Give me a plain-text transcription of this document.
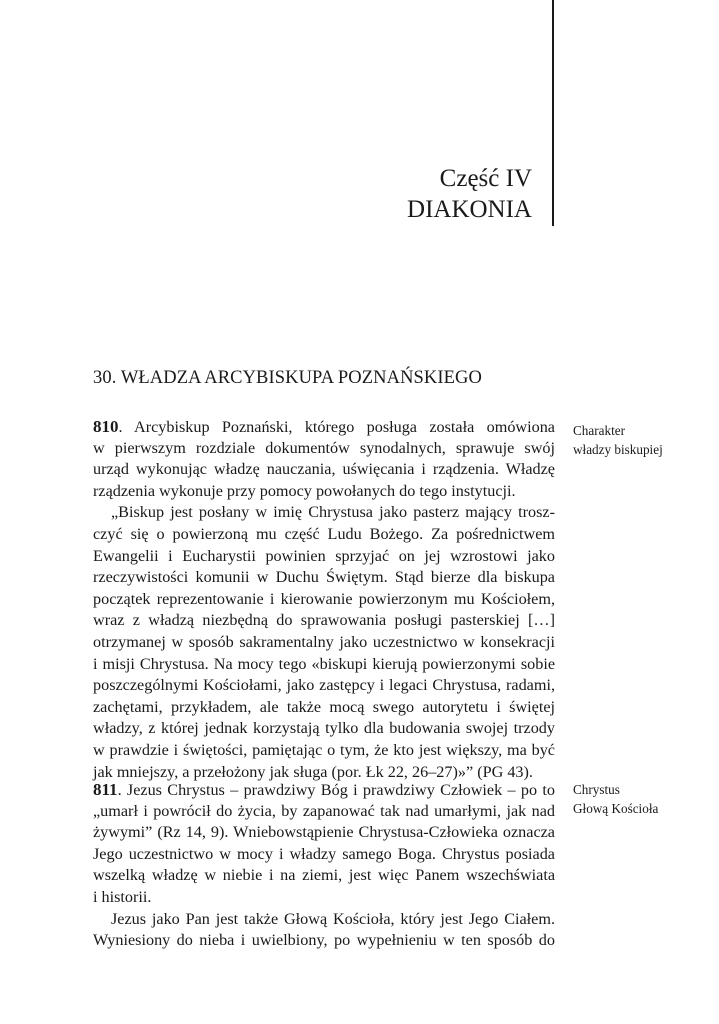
Część IV
DIAKONIA
30. WŁADZA ARCYBISKUPA POZNAŃSKIEGO
810. Arcybiskup Poznański, którego posługa została omówiona
w pierwszym rozdziale dokumentów synodalnych, sprawuje swój
urząd wykonując władzę nauczania, uświęcania i rządzenia. Władzę
rządzenia wykonuje przy pomocy powołanych do tego instytucji.
„Biskup jest posłany w imię Chrystusa jako pasterz mający trosz-
czyć się o powierzoną mu część Ludu Bożego. Za pośrednictwem
Ewangelii i Eucharystii powinien sprzyjać on jej wzrostowi jako
rzeczywistości komunii w Duchu Świętym. Stąd bierze dla biskupa
początek reprezentowanie i kierowanie powierzonym mu Kościołem,
wraz z władzą niezbędną do sprawowania posługi pasterskiej […]
otrzymanej w sposób sakramentalny jako uczestnictwo w konsekracji
i misji Chrystusa. Na mocy tego «biskupi kierują powierzonymi sobie
poszczególnymi Kościołami, jako zastępcy i legaci Chrystusa, radami,
zachętami, przykładem, ale także mocą swego autorytetu i świętej
władzy, z której jednak korzystają tylko dla budowania swojej trzody
w prawdzie i świętości, pamiętając o tym, że kto jest większy, ma być
jak mniejszy, a przełożony jak sługa (por. Łk 22, 26–27)»” (PG 43).
Charakter
władzy biskupiej
811. Jezus Chrystus – prawdziwy Bóg i prawdziwy Człowiek – po to
„umarł i powrócił do życia, by zapanować tak nad umarłymi, jak nad
żywymi” (Rz 14, 9). Wniebowstąpienie Chrystusa-Człowieka oznacza
Jego uczestnictwo w mocy i władzy samego Boga. Chrystus posiada
wszelką władzę w niebie i na ziemi, jest więc Panem wszechświata
i historii.
Jezus jako Pan jest także Głową Kościoła, który jest Jego Ciałem.
Wyniesiony do nieba i uwielbiony, po wypełnieniu w ten sposób do
Chrystus
Głową Kościoła
